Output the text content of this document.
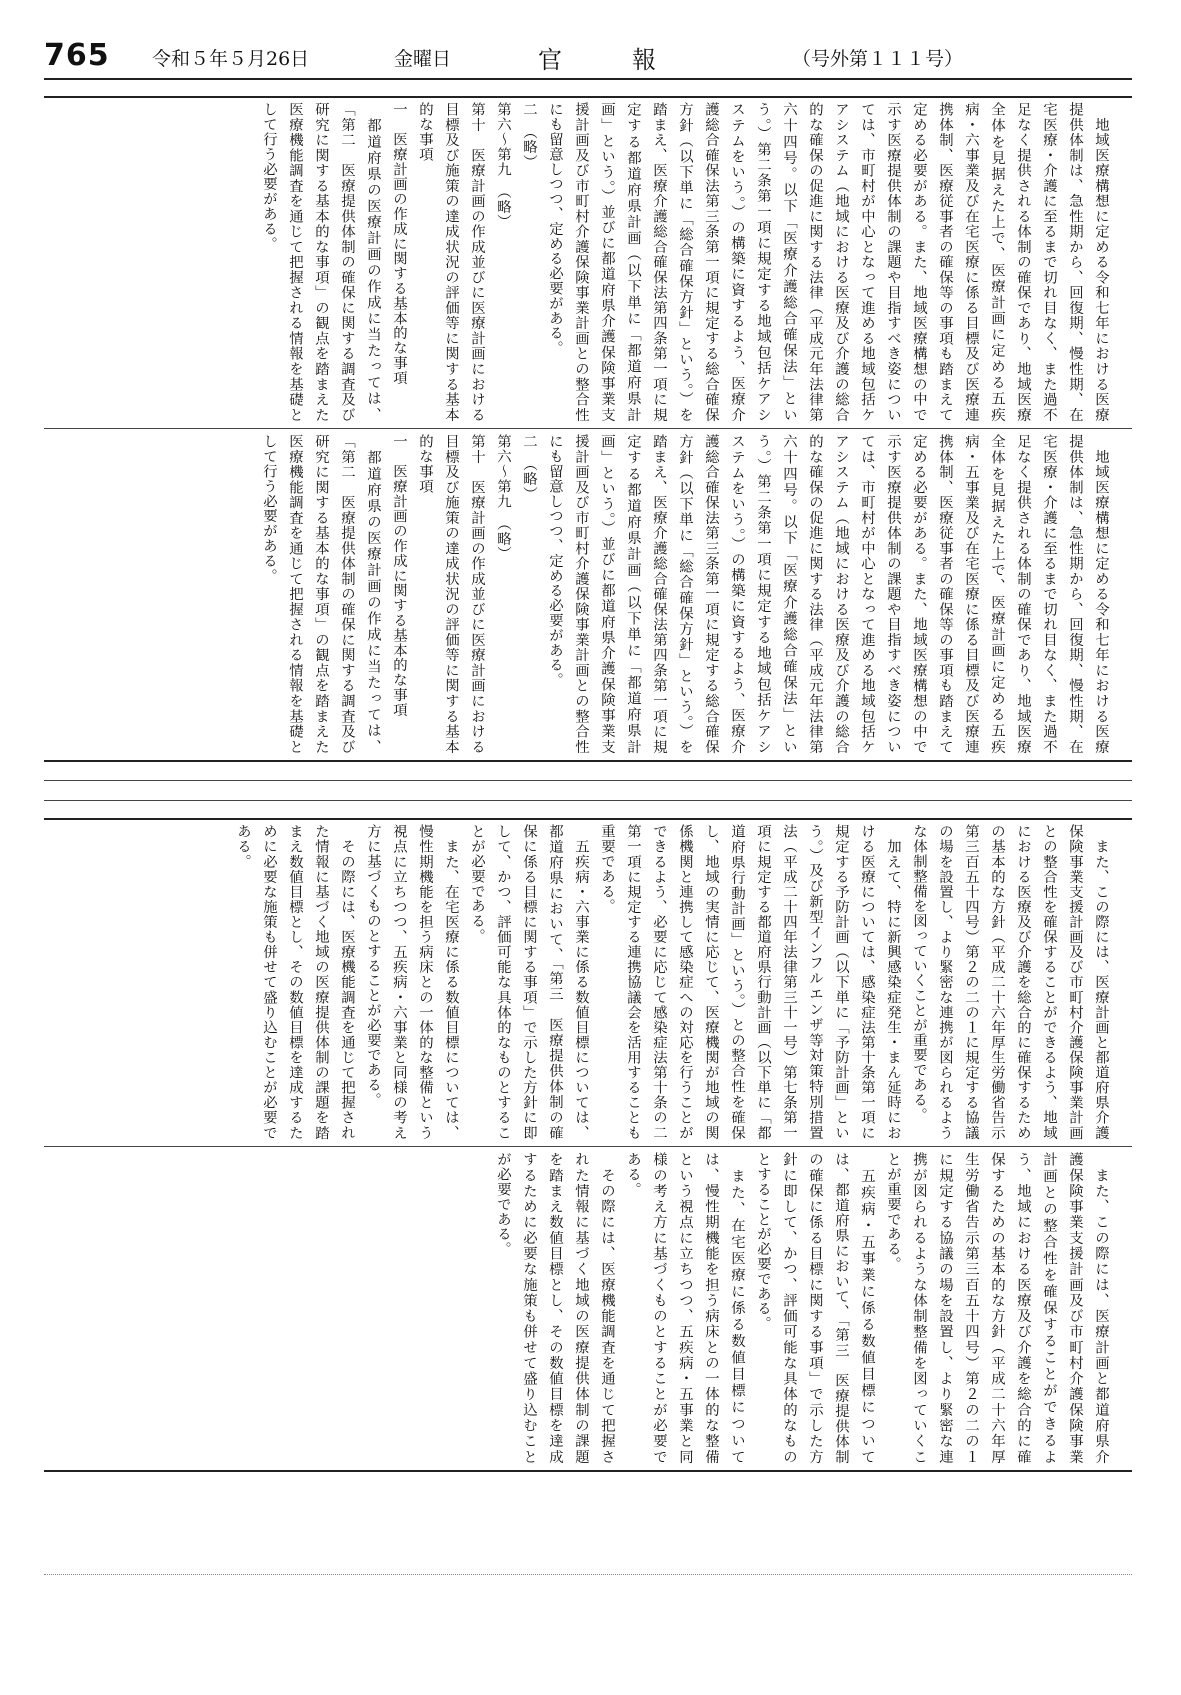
765 令和５年５月26日	金曜日	官報	（号外第１１１号）

　地域医療構想に定める令和七年における医療提供体制は、急性期から、回復期、慢性期、在宅医療・介護に至るまで切れ目なく、また過不足なく提供される体制の確保であり、地域医療全体を見据えた上で、医療計画に定める五疾病・六事業及び在宅医療に係る目標及び医療連携体制、医療従事者の確保等の事項も踏まえて定める必要がある。また、地域医療構想の中で示す医療提供体制の課題や目指すべき姿については、市町村が中心となって進める地域包括ケアシステム（地域における医療及び介護の総合的な確保の促進に関する法律（平成元年法律第六十四号。以下「医療介護総合確保法」という。）第二条第一項に規定する地域包括ケアシステムをいう。）の構築に資するよう、医療介護総合確保法第三条第一項に規定する総合確保方針（以下単に「総合確保方針」という。）を踏まえ、医療介護総合確保法第四条第一項に規定する都道府県計画（以下単に「都道府県計画」という。）並びに都道府県介護保険事業支援計画及び市町村介護保険事業計画との整合性にも留意しつつ、定める必要がある。

二　（略）

第六～第九　（略）

第十　医療計画の作成並びに医療計画における目標及び施策の達成状況の評価等に関する基本的な事項

一　医療計画の作成に関する基本的な事項

　都道府県の医療計画の作成に当たっては、「第二　医療提供体制の確保に関する調査及び研究に関する基本的な事項」の観点を踏まえた医療機能調査を通じて把握される情報を基礎として行う必要がある。

　地域医療構想に定める令和七年における医療提供体制は、急性期から、回復期、慢性期、在宅医療・介護に至るまで切れ目なく、また過不足なく提供される体制の確保であり、地域医療全体を見据えた上で、医療計画に定める五疾病・五事業及び在宅医療に係る目標及び医療連携体制、医療従事者の確保等の事項も踏まえて定める必要がある。また、地域医療構想の中で示す医療提供体制の課題や目指すべき姿については、市町村が中心となって進める地域包括ケアシステム（地域における医療及び介護の総合的な確保の促進に関する法律（平成元年法律第六十四号。以下「医療介護総合確保法」という。）第二条第一項に規定する地域包括ケアシステムをいう。）の構築に資するよう、医療介護総合確保法第三条第一項に規定する総合確保方針（以下単に「総合確保方針」という。）を踏まえ、医療介護総合確保法第四条第一項に規定する都道府県計画（以下単に「都道府県計画」という。）並びに都道府県介護保険事業支援計画及び市町村介護保険事業計画との整合性にも留意しつつ、定める必要がある。

二　（略）

第六～第九　（略）

第十　医療計画の作成並びに医療計画における目標及び施策の達成状況の評価等に関する基本的な事項

一　医療計画の作成に関する基本的な事項

　都道府県の医療計画の作成に当たっては、「第二　医療提供体制の確保に関する調査及び研究に関する基本的な事項」の観点を踏まえた医療機能調査を通じて把握される情報を基礎として行う必要がある。

　また、この際には、医療計画と都道府県介護保険事業支援計画及び市町村介護保険事業計画との整合性を確保することができるよう、地域における医療及び介護を総合的に確保するための基本的な方針（平成二十六年厚生労働省告示第三百五十四号）第２の二の１に規定する協議の場を設置し、より緊密な連携が図られるような体制整備を図っていくことが重要である。

　加えて、特に新興感染症発生・まん延時における医療については、感染症法第十条第一項に規定する予防計画（以下単に「予防計画」という。）及び新型インフルエンザ等対策特別措置法（平成二十四年法律第三十一号）第七条第一項に規定する都道府県行動計画（以下単に「都道府県行動計画」という。）との整合性を確保し、地域の実情に応じて、医療機関が地域の関係機関と連携して感染症への対応を行うことができるよう、必要に応じて感染症法第十条の二第一項に規定する連携協議会を活用することも重要である。

　五疾病・六事業に係る数値目標については、都道府県において、「第三　医療提供体制の確保に係る目標に関する事項」で示した方針に即して、かつ、評価可能な具体的なものとすることが必要である。

　また、在宅医療に係る数値目標については、慢性期機能を担う病床との一体的な整備という視点に立ちつつ、五疾病・六事業と同様の考え方に基づくものとすることが必要である。

　その際には、医療機能調査を通じて把握された情報に基づく地域の医療提供体制の課題を踏まえ数値目標とし、その数値目標を達成するために必要な施策も併せて盛り込むことが必要である。

　また、この際には、医療計画と都道府県介護保険事業支援計画及び市町村介護保険事業計画との整合性を確保することができるよう、地域における医療及び介護を総合的に確保するための基本的な方針（平成二十六年厚生労働省告示第三百五十四号）第２の二の１に規定する協議の場を設置し、より緊密な連携が図られるような体制整備を図っていくことが重要である。

　五疾病・五事業に係る数値目標については、都道府県において、「第三　医療提供体制の確保に係る目標に関する事項」で示した方針に即して、かつ、評価可能な具体的なものとすることが必要である。

　また、在宅医療に係る数値目標については、慢性期機能を担う病床との一体的な整備という視点に立ちつつ、五疾病・五事業と同様の考え方に基づくものとすることが必要である。

　その際には、医療機能調査を通じて把握された情報に基づく地域の医療提供体制の課題を踏まえ数値目標とし、その数値目標を達成するために必要な施策も併せて盛り込むことが必要である。
